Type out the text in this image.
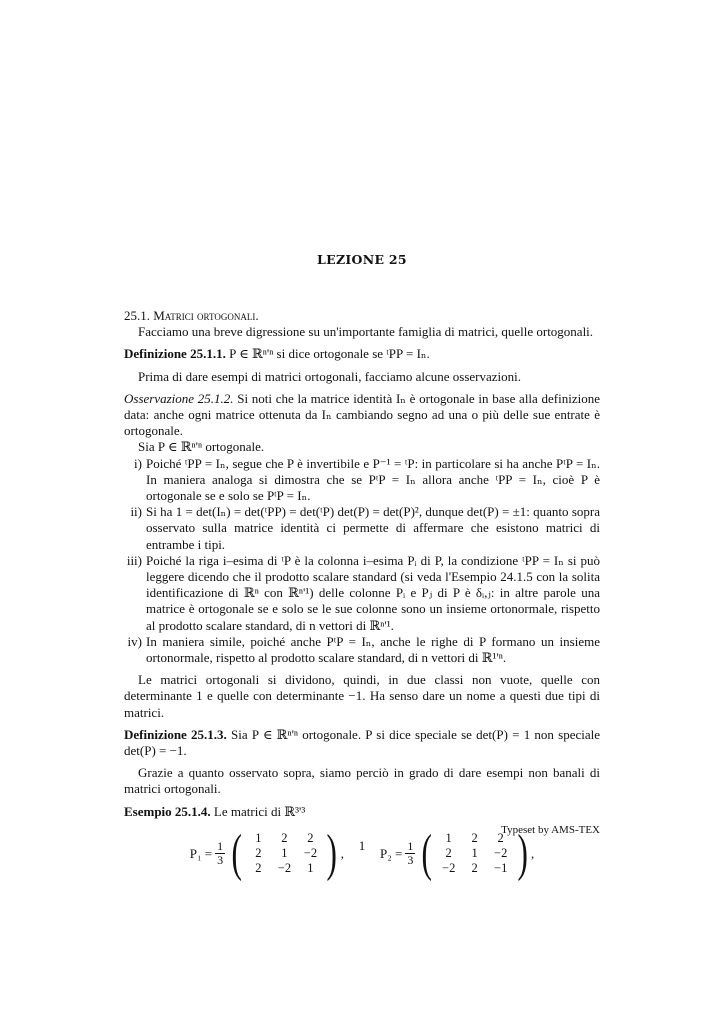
LEZIONE 25

25.1. Matrici ortogonali.

Facciamo una breve digressione su un'importante famiglia di matrici, quelle ortogonali.

Definizione 25.1.1. P ∈ ℝⁿ'ⁿ si dice ortogonale se ᵗPP = Iₙ.

Prima di dare esempi di matrici ortogonali, facciamo alcune osservazioni.

Osservazione 25.1.2. Si noti che la matrice identità Iₙ è ortogonale in base alla definizione data: anche ogni matrice ottenuta da Iₙ cambiando segno ad una o più delle sue entrate è ortogonale.

Sia P ∈ ℝⁿ'ⁿ ortogonale.

i) Poiché ᵗPP = Iₙ, segue che P è invertibile e P⁻¹ = ᵗP: in particolare si ha anche PᵗP = Iₙ. In maniera analoga si dimostra che se PᵗP = Iₙ allora anche ᵗPP = Iₙ, cioè P è ortogonale se e solo se PᵗP = Iₙ.

ii) Si ha 1 = det(Iₙ) = det(ᵗPP) = det(ᵗP) det(P) = det(P)², dunque det(P) = ±1: quanto sopra osservato sulla matrice identità ci permette di affermare che esistono matrici di entrambe i tipi.

iii) Poiché la riga i–esima di ᵗP è la colonna i–esima Pᵢ di P, la condizione ᵗPP = Iₙ si può leggere dicendo che il prodotto scalare standard (si veda l'Esempio 24.1.5 con la solita identificazione di ℝⁿ con ℝⁿ'¹) delle colonne Pᵢ e Pⱼ di P è δᵢ,ⱼ: in altre parole una matrice è ortogonale se e solo se le sue colonne sono un insieme ortonormale, rispetto al prodotto scalare standard, di n vettori di ℝⁿ'¹.

iv) In maniera simile, poiché anche PᵗP = Iₙ, anche le righe di P formano un insieme ortonormale, rispetto al prodotto scalare standard, di n vettori di ℝ¹'ⁿ.

Le matrici ortogonali si dividono, quindi, in due classi non vuote, quelle con determinante 1 e quelle con determinante −1. Ha senso dare un nome a questi due tipi di matrici.

Definizione 25.1.3. Sia P ∈ ℝⁿ'ⁿ ortogonale. P si dice speciale se det(P) = 1 non speciale det(P) = −1.

Grazie a quanto osservato sopra, siamo perciò in grado di dare esempi non banali di matrici ortogonali.

Esempio 25.1.4. Le matrici di ℝ³'³

$P_1 = \frac{1}{3}$ (	1	2	2
2	1	−2
2	−2	1 ) ,	$P_2 = \frac{1}{3}$ (	1	2	2
2	1	−2
−2	2	−1 ) ,
Typeset by AMS-TEX
1
